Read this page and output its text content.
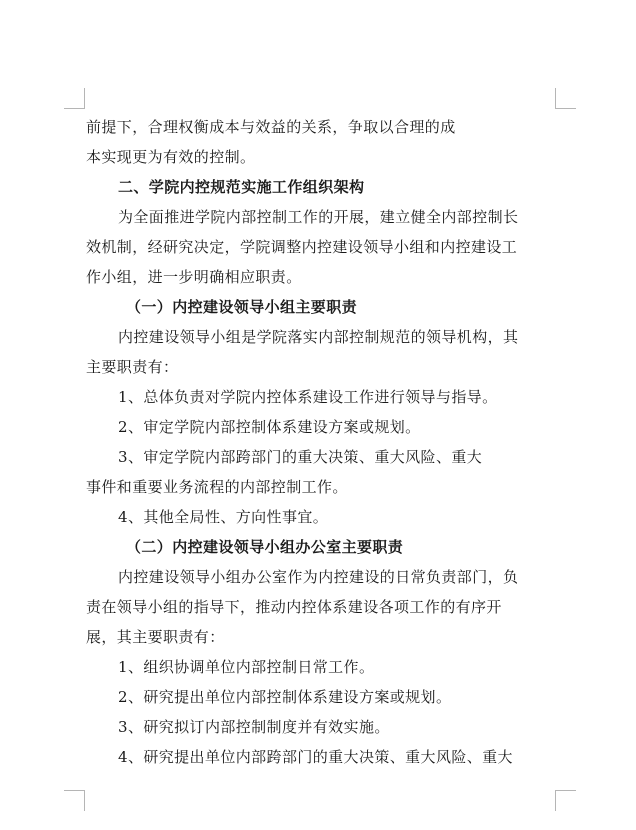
前提下，合理权衡成本与效益的关系，争取以合理的成
本实现更为有效的控制。
二、学院内控规范实施工作组织架构
为全面推进学院内部控制工作的开展，建立健全内部控制长
效机制，经研究决定，学院调整内控建设领导小组和内控建设工
作小组，进一步明确相应职责。
（一）内控建设领导小组主要职责
内控建设领导小组是学院落实内部控制规范的领导机构，其
主要职责有：
1、总体负责对学院内控体系建设工作进行领导与指导。
2、审定学院内部控制体系建设方案或规划。
3、审定学院内部跨部门的重大决策、重大风险、重大
事件和重要业务流程的内部控制工作。
4、其他全局性、方向性事宜。
（二）内控建设领导小组办公室主要职责
内控建设领导小组办公室作为内控建设的日常负责部门，负
责在领导小组的指导下，推动内控体系建设各项工作的有序开
展，其主要职责有：
1、组织协调单位内部控制日常工作。
2、研究提出单位内部控制体系建设方案或规划。
3、研究拟订内部控制制度并有效实施。
4、研究提出单位内部跨部门的重大决策、重大风险、重大
